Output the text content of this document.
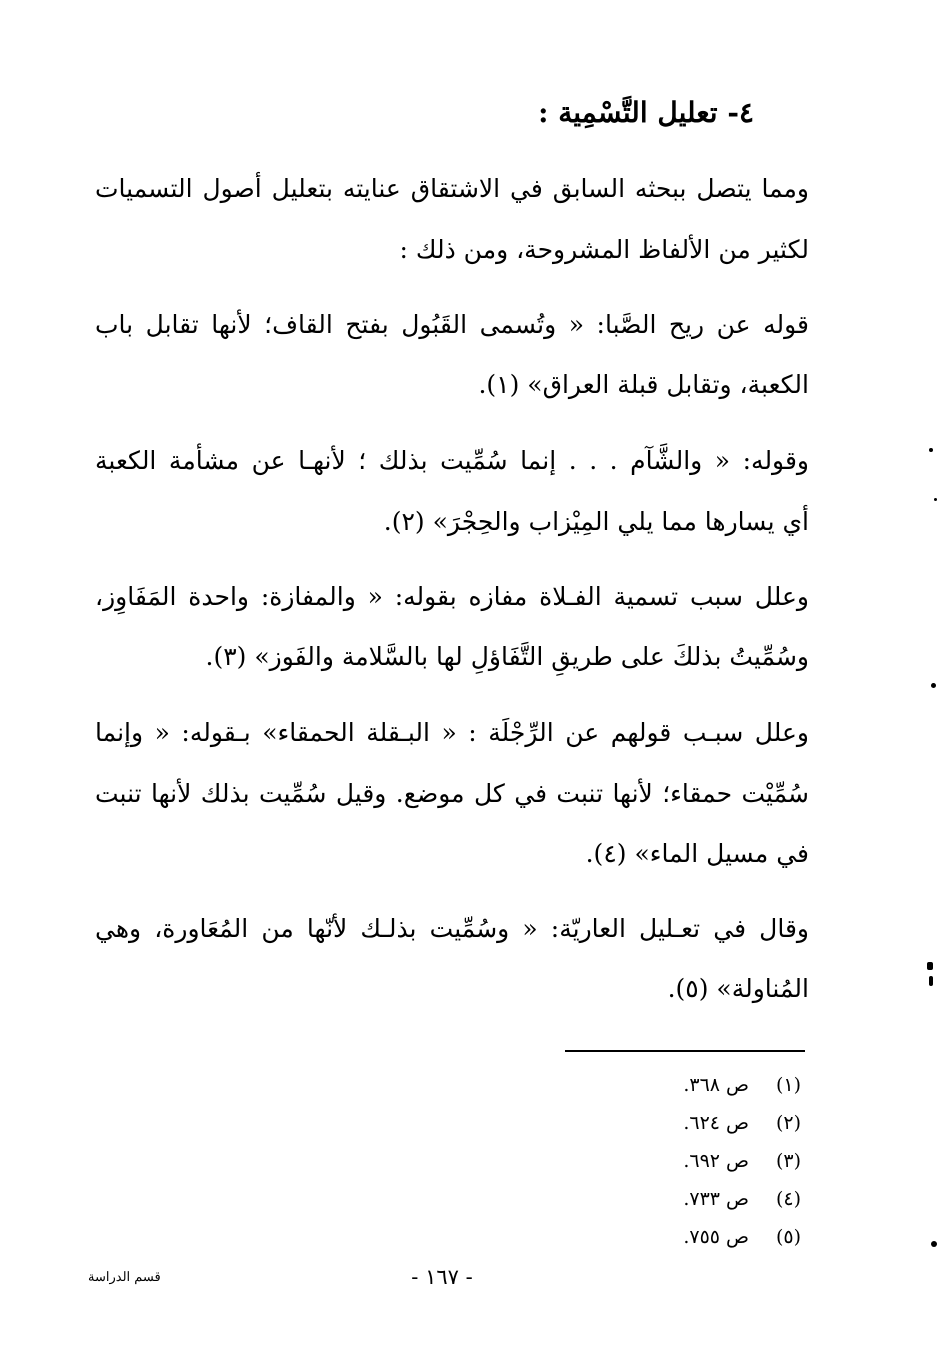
٤- تعليل التَّسْمِية :
ومما يتصل ببحثه السابق في الاشتقاق عنايته بتعليل أصول التسميات
لكثير من الألفاظ المشروحة، ومن ذلك :
قوله عن ريح الصَّبا: « وتُسمى القَبُول بفتح القاف؛ لأنها تقابل باب
الكعبة، وتقابل قبلة العراق» (١).
وقوله: « والشَّآم . . . إنما سُمِّيت بذلك ؛ لأنهـا عن مشأمة الكعبة
أي يسارها مما يلي المِيْزاب والحِجْرَ» (٢).
وعلل سبب تسمية الفـلاة مفازه بقوله: « والمفازة: واحدة المَفَاوِز،
وسُمِّيتُ بذلكَ على طريقِ التَّفَاؤلِ لها بالسَّلامة والفَوز» (٣).
وعلل سبـب قولهم عن الرِّجْلَة : « البـقلة الحمقاء» بـقوله: « وإنما
سُمِّيْت حمقاء؛ لأنها تنبت في كل موضع. وقيل سُمِّيت بذلك لأنها تنبت
في مسيل الماء» (٤).
وقال في تعـليل العاريّة: « وسُمِّيت بذلـك لأنّها من المُعَاورة، وهي
المُناولة» (٥).
(١)ص ٣٦٨.
(٢)ص ٦٢٤.
(٣)ص ٦٩٢.
(٤)ص ٧٣٣.
(٥)ص ٧٥٥.
قسم الدراسة	- ١٦٧ -
